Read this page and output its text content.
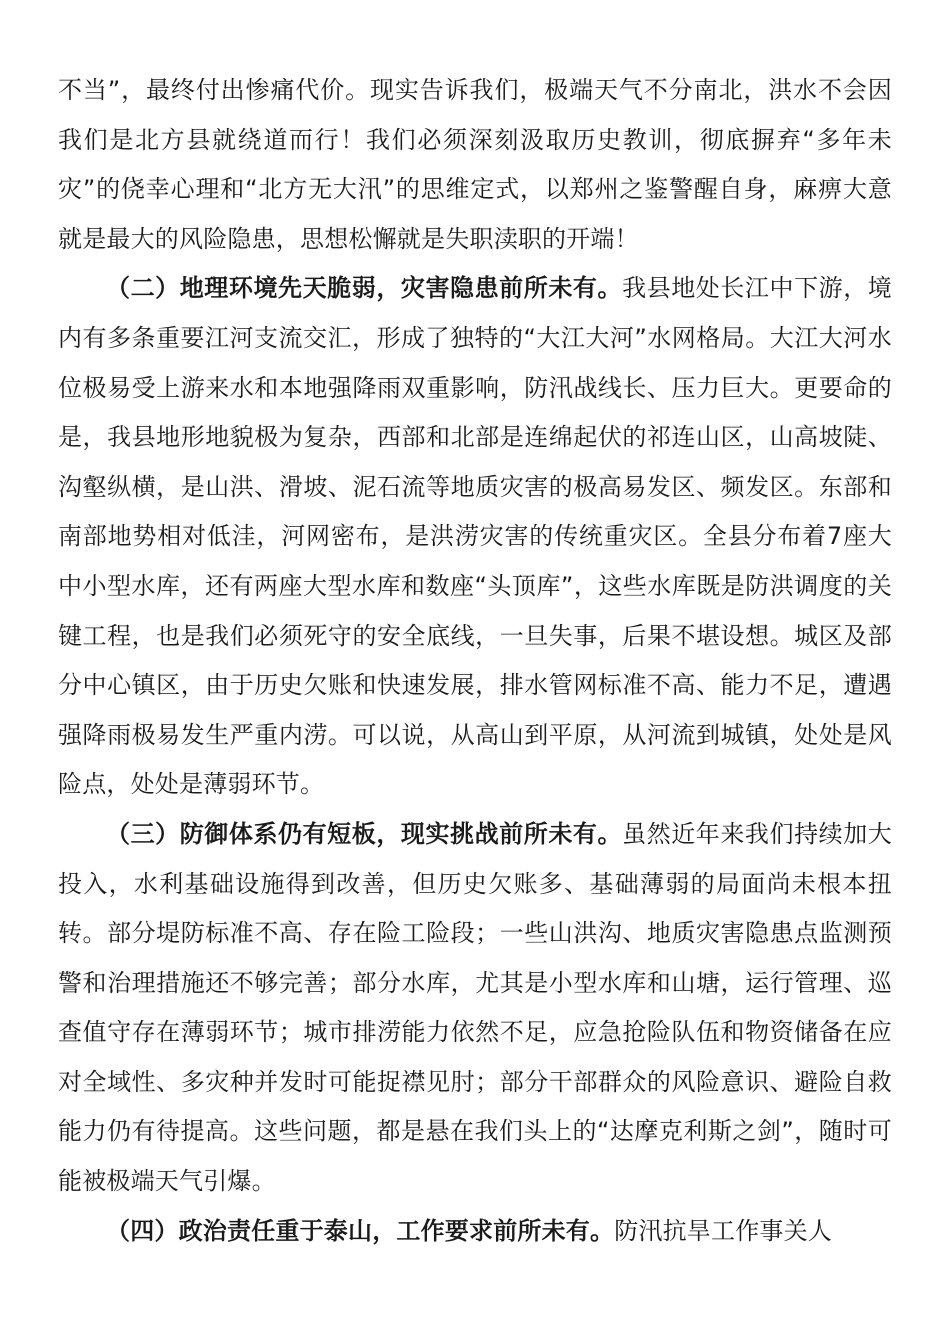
不当”，最终付出惨痛代价。现实告诉我们，极端天气不分南北，洪水不会因我们是北方县就绕道而行！我们必须深刻汲取历史教训，彻底摒弃“多年未灾”的侥幸心理和“北方无大汛”的思维定式，以郑州之鉴警醒自身，麻痹大意就是最大的风险隐患，思想松懈就是失职渎职的开端！

（二）地理环境先天脆弱，灾害隐患前所未有。我县地处长江中下游，境内有多条重要江河支流交汇，形成了独特的“大江大河”水网格局。大江大河水位极易受上游来水和本地强降雨双重影响，防汛战线长、压力巨大。更要命的是，我县地形地貌极为复杂，西部和北部是连绵起伏的祁连山区，山高坡陡、沟壑纵横，是山洪、滑坡、泥石流等地质灾害的极高易发区、频发区。东部和南部地势相对低洼，河网密布，是洪涝灾害的传统重灾区。全县分布着7座大中小型水库，还有两座大型水库和数座“头顶库”，这些水库既是防洪调度的关键工程，也是我们必须死守的安全底线，一旦失事，后果不堪设想。城区及部分中心镇区，由于历史欠账和快速发展，排水管网标准不高、能力不足，遭遇强降雨极易发生严重内涝。可以说，从高山到平原，从河流到城镇，处处是风险点，处处是薄弱环节。

（三）防御体系仍有短板，现实挑战前所未有。虽然近年来我们持续加大投入，水利基础设施得到改善，但历史欠账多、基础薄弱的局面尚未根本扭转。部分堤防标准不高、存在险工险段；一些山洪沟、地质灾害隐患点监测预警和治理措施还不够完善；部分水库，尤其是小型水库和山塘，运行管理、巡查值守存在薄弱环节；城市排涝能力依然不足，应急抢险队伍和物资储备在应对全域性、多灾种并发时可能捉襟见肘；部分干部群众的风险意识、避险自救能力仍有待提高。这些问题，都是悬在我们头上的“达摩克利斯之剑”，随时可能被极端天气引爆。

（四）政治责任重于泰山，工作要求前所未有。防汛抗旱工作事关人
